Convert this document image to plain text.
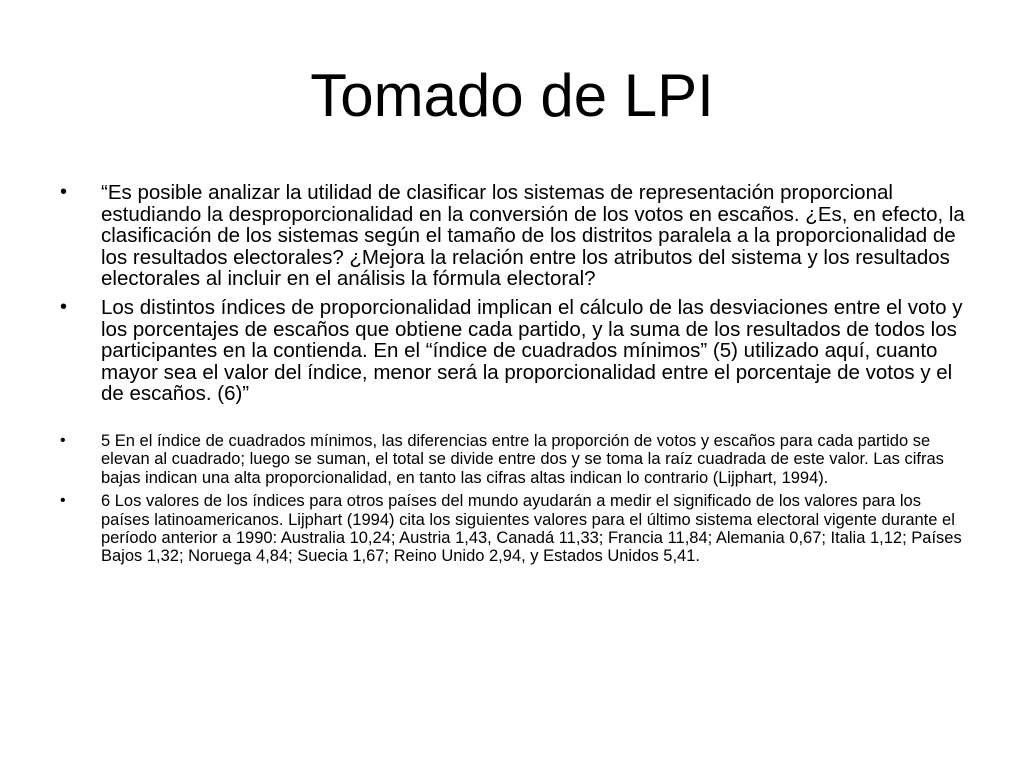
Tomado de LPI
• “Es posible analizar la utilidad de clasificar los sistemas de representación proporcional estudiando la desproporcionalidad en la conversión de los votos en escaños. ¿Es, en efecto, la clasificación de los sistemas según el tamaño de los distritos paralela a la proporcionalidad de los resultados electorales? ¿Mejora la relación entre los atributos del sistema y los resultados electorales al incluir en el análisis la fórmula electoral?
• Los distintos índices de proporcionalidad implican el cálculo de las desviaciones entre el voto y los porcentajes de escaños que obtiene cada partido, y la suma de los resultados de todos los participantes en la contienda. En el “índice de cuadrados mínimos” (5) utilizado aquí, cuanto mayor sea el valor del índice, menor será la proporcionalidad entre el porcentaje de votos y el de escaños. (6)”
• 5 En el índice de cuadrados mínimos, las diferencias entre la proporción de votos y escaños para cada partido se elevan al cuadrado; luego se suman, el total se divide entre dos y se toma la raíz cuadrada de este valor. Las cifras bajas indican una alta proporcionalidad, en tanto las cifras altas indican lo contrario (Lijphart, 1994).
• 6 Los valores de los índices para otros países del mundo ayudarán a medir el significado de los valores para los países latinoamericanos. Lijphart (1994) cita los siguientes valores para el último sistema electoral vigente durante el período anterior a 1990: Australia 10,24; Austria 1,43, Canadá 11,33; Francia 11,84; Alemania 0,67; Italia 1,12; Países Bajos 1,32; Noruega 4,84; Suecia 1,67; Reino Unido 2,94, y Estados Unidos 5,41.
